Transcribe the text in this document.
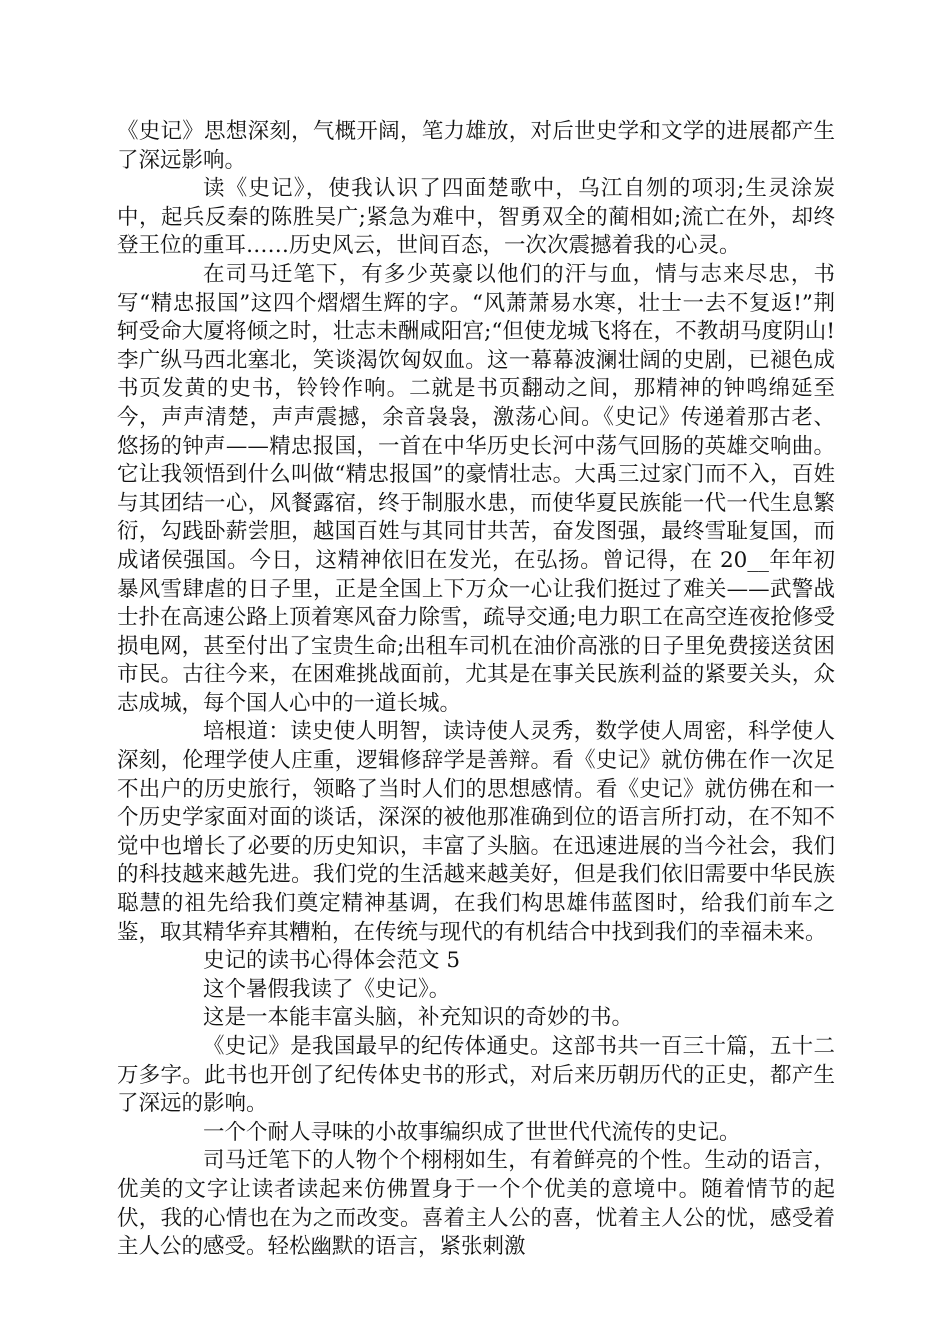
《史记》思想深刻，气概开阔，笔力雄放，对后世史学和文学的进展都产生了深远影响。

读《史记》，使我认识了四面楚歌中，乌江自刎的项羽;生灵涂炭中，起兵反秦的陈胜吴广;紧急为难中，智勇双全的蔺相如;流亡在外，却终登王位的重耳……历史风云，世间百态，一次次震撼着我的心灵。

在司马迁笔下，有多少英豪以他们的汗与血，情与志来尽忠，书写“精忠报国”这四个熠熠生辉的字。“风萧萧易水寒，壮士一去不复返!”荆轲受命大厦将倾之时，壮志未酬咸阳宫;“但使龙城飞将在，不教胡马度阴山!李广纵马西北塞北，笑谈渴饮匈奴血。这一幕幕波澜壮阔的史剧，已褪色成书页发黄的史书，铃铃作响。二就是书页翻动之间，那精神的钟鸣绵延至今，声声清楚，声声震撼，余音袅袅，激荡心间。《史记》传递着那古老、悠扬的钟声——精忠报国，一首在中华历史长河中荡气回肠的英雄交响曲。它让我领悟到什么叫做“精忠报国”的豪情壮志。大禹三过家门而不入，百姓与其团结一心，风餐露宿，终于制服水患，而使华夏民族能一代一代生息繁衍，勾践卧薪尝胆，越国百姓与其同甘共苦，奋发图强，最终雪耻复国，而成诸侯强国。今日，这精神依旧在发光，在弘扬。曾记得，在 20__年年初暴风雪肆虐的日子里，正是全国上下万众一心让我们挺过了难关——武警战士扑在高速公路上顶着寒风奋力除雪，疏导交通;电力职工在高空连夜抢修受损电网，甚至付出了宝贵生命;出租车司机在油价高涨的日子里免费接送贫困市民。古往今来，在困难挑战面前，尤其是在事关民族利益的紧要关头，众志成城，每个国人心中的一道长城。

培根道：读史使人明智，读诗使人灵秀，数学使人周密，科学使人深刻，伦理学使人庄重，逻辑修辞学是善辩。看《史记》就仿佛在作一次足不出户的历史旅行，领略了当时人们的思想感情。看《史记》就仿佛在和一个历史学家面对面的谈话，深深的被他那准确到位的语言所打动，在不知不觉中也增长了必要的历史知识，丰富了头脑。在迅速进展的当今社会，我们的科技越来越先进。我们党的生活越来越美好，但是我们依旧需要中华民族聪慧的祖先给我们奠定精神基调，在我们构思雄伟蓝图时，给我们前车之鉴，取其精华弃其糟粕，在传统与现代的有机结合中找到我们的幸福未来。

史记的读书心得体会范文 5

这个暑假我读了《史记》。

这是一本能丰富头脑，补充知识的奇妙的书。

《史记》是我国最早的纪传体通史。这部书共一百三十篇，五十二万多字。此书也开创了纪传体史书的形式，对后来历朝历代的正史，都产生了深远的影响。

一个个耐人寻味的小故事编织成了世世代代流传的史记。

司马迁笔下的人物个个栩栩如生，有着鲜亮的个性。生动的语言，优美的文字让读者读起来仿佛置身于一个个优美的意境中。随着情节的起伏，我的心情也在为之而改变。喜着主人公的喜，忧着主人公的忧，感受着主人公的感受。轻松幽默的语言，紧张刺激
